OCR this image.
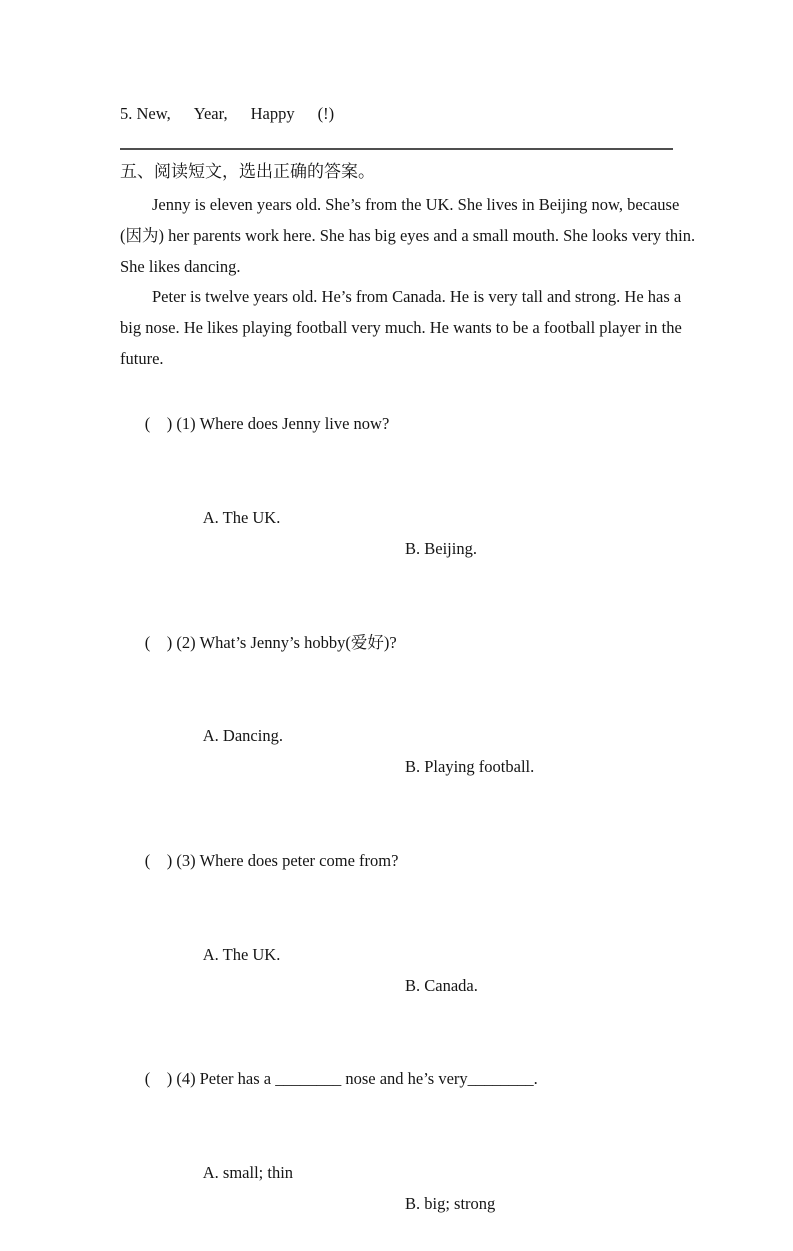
5. New, Year, Happy (!)
五、阅读短文，选出正确的答案。
Jenny is eleven years old. She’s from the UK. She lives in Beijing now, because
(因为) her parents work here. She has big eyes and a small mouth. She looks very thin.
She likes dancing.
Peter is twelve years old. He’s from Canada. He is very tall and strong. He has a
big nose. He likes playing football very much. He wants to be a football player in the
future.

(    ) (1) Where does Jenny live now?

A. The UK.

B. Beijing.

(    ) (2) What’s Jenny’s hobby(爱好)?

A. Dancing.

B. Playing football.

(    ) (3) Where does peter come from?

A. The UK.

B. Canada.

(    ) (4) Peter has a ________ nose and he’s very________.

A. small; thin

B. big; strong
